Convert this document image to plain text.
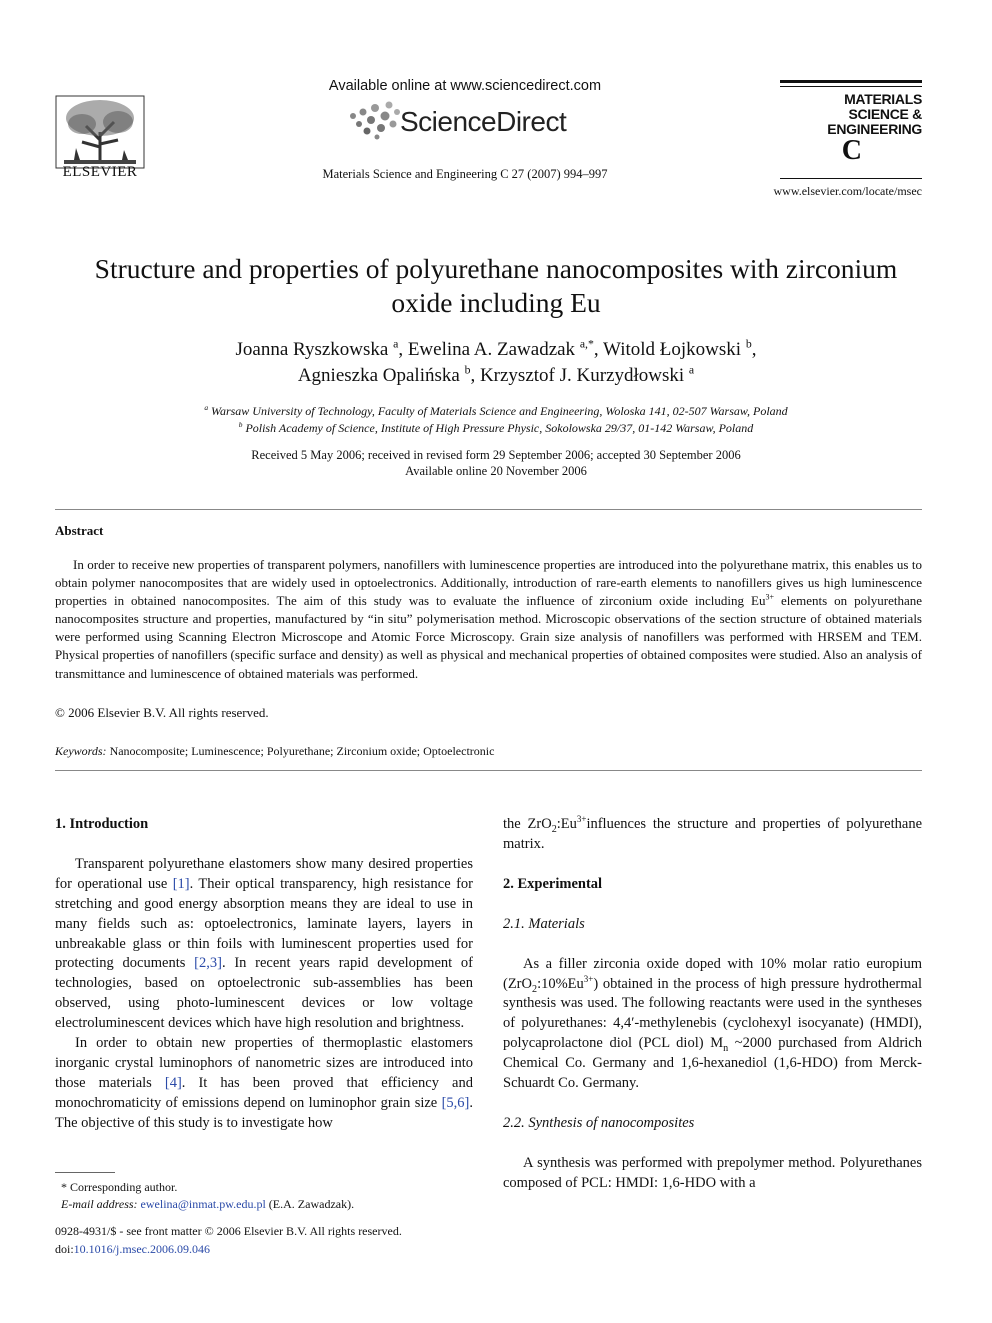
ELSEVIER
Available online at www.sciencedirect.com
ScienceDirect
Materials Science and Engineering C 27 (2007) 994–997
MATERIALS
SCIENCE &
ENGINEERING
C
www.elsevier.com/locate/msec
Structure and properties of polyurethane nanocomposites with zirconium
oxide including Eu
Joanna Ryszkowska $^a$, Ewelina A. Zawadzak $^{a,*}$, Witold Łojkowski $^b$,
Agnieszka Opalińska $^b$, Krzysztof J. Kurzydłowski $^a$
$^a$ Warsaw University of Technology, Faculty of Materials Science and Engineering, Woloska 141, 02-507 Warsaw, Poland
$^b$ Polish Academy of Science, Institute of High Pressure Physic, Sokolowska 29/37, 01-142 Warsaw, Poland
Received 5 May 2006; received in revised form 29 September 2006; accepted 30 September 2006
Available online 20 November 2006
Abstract

In order to receive new properties of transparent polymers, nanofillers with luminescence properties are introduced into the polyurethane matrix, this enables us to obtain polymer nanocomposites that are widely used in optoelectronics. Additionally, introduction of rare-earth elements to nanofillers gives us high luminescence properties in obtained nanocomposites. The aim of this study was to evaluate the influence of zirconium oxide including $Eu^{3+}$ elements on polyurethane nanocomposites structure and properties, manufactured by “in situ” polymerisation method. Microscopic observations of the section structure of obtained materials were performed using Scanning Electron Microscope and Atomic Force Microscopy. Grain size analysis of nanofillers was performed with HRSEM and TEM. Physical properties of nanofillers (specific surface and density) as well as physical and mechanical properties of obtained composites were studied. Also an analysis of transmittance and luminescence of obtained materials was performed.

© 2006 Elsevier B.V. All rights reserved.
Keywords: Nanocomposite; Luminescence; Polyurethane; Zirconium oxide; Optoelectronic

1. Introduction

Transparent polyurethane elastomers show many desired properties for operational use [1]. Their optical transparency, high resistance for stretching and good energy absorption means they are ideal to use in many fields such as: optoelectronics, laminate layers, layers in unbreakable glass or thin foils with luminescent properties used for protecting documents [2,3]. In recent years rapid development of technologies, based on optoelectronic sub-assemblies has been observed, using photo-luminescent devices or low voltage electroluminescent devices which have high resolution and brightness.

In order to obtain new properties of thermoplastic elastomers inorganic crystal luminophors of nanometric sizes are introduced into those materials [4]. It has been proved that efficiency and monochromaticity of emissions depend on luminophor grain size [5,6]. The objective of this study is to investigate how

the $ZrO_2:Eu^{3+}influences$ the structure and properties of polyurethane matrix.

2. Experimental

2.1. Materials

As a filler zirconia oxide doped with 10% molar ratio europium $(ZrO_2:10\%Eu^{3+})$ obtained in the process of high pressure hydrothermal synthesis was used. The following reactants were used in the syntheses of polyurethanes: 4,4′-methylenebis (cyclohexyl isocyanate) (HMDI), polycaprolactone diol (PCL diol) $M_n$ ~2000 purchased from Aldrich Chemical Co. Germany and 1,6-hexanediol (1,6-HDO) from Merck-Schuardt Co. Germany.

2.2. Synthesis of nanocomposites

A synthesis was performed with prepolymer method. Polyurethanes composed of PCL: HMDI: 1,6-HDO with a

* Corresponding author.
E-mail address: ewelina@inmat.pw.edu.pl (E.A. Zawadzak).
0928-4931/$ - see front matter © 2006 Elsevier B.V. All rights reserved.
doi:10.1016/j.msec.2006.09.046
